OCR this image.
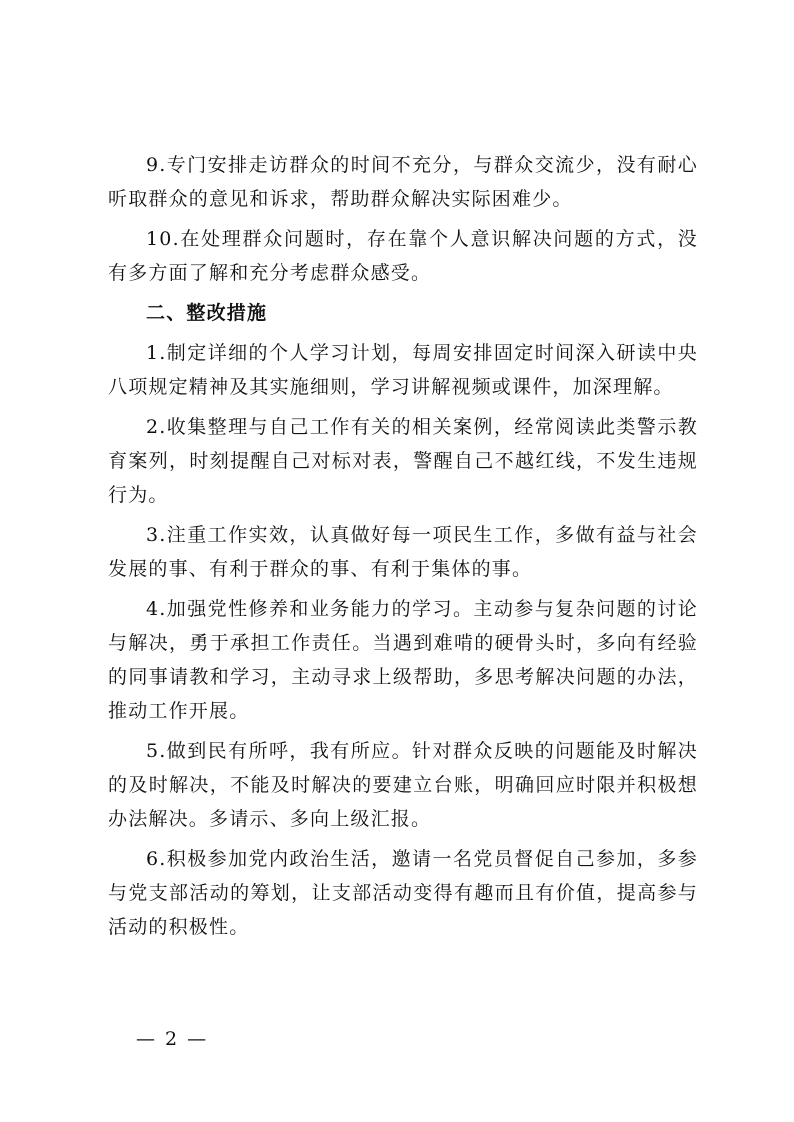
9.专门安排走访群众的时间不充分，与群众交流少，没有耐心听取群众的意见和诉求，帮助群众解决实际困难少。

10.在处理群众问题时，存在靠个人意识解决问题的方式，没有多方面了解和充分考虑群众感受。

二、整改措施

1.制定详细的个人学习计划，每周安排固定时间深入研读中央八项规定精神及其实施细则，学习讲解视频或课件，加深理解。

2.收集整理与自己工作有关的相关案例，经常阅读此类警示教育案列，时刻提醒自己对标对表，警醒自己不越红线，不发生违规行为。

3.注重工作实效，认真做好每一项民生工作，多做有益与社会发展的事、有利于群众的事、有利于集体的事。

4.加强党性修养和业务能力的学习。主动参与复杂问题的讨论与解决，勇于承担工作责任。当遇到难啃的硬骨头时，多向有经验的同事请教和学习，主动寻求上级帮助，多思考解决问题的办法，推动工作开展。

5.做到民有所呼，我有所应。针对群众反映的问题能及时解决的及时解决，不能及时解决的要建立台账，明确回应时限并积极想办法解决。多请示、多向上级汇报。

6.积极参加党内政治生活，邀请一名党员督促自己参加，多参与党支部活动的筹划，让支部活动变得有趣而且有价值，提高参与活动的积极性。

— 2 —
